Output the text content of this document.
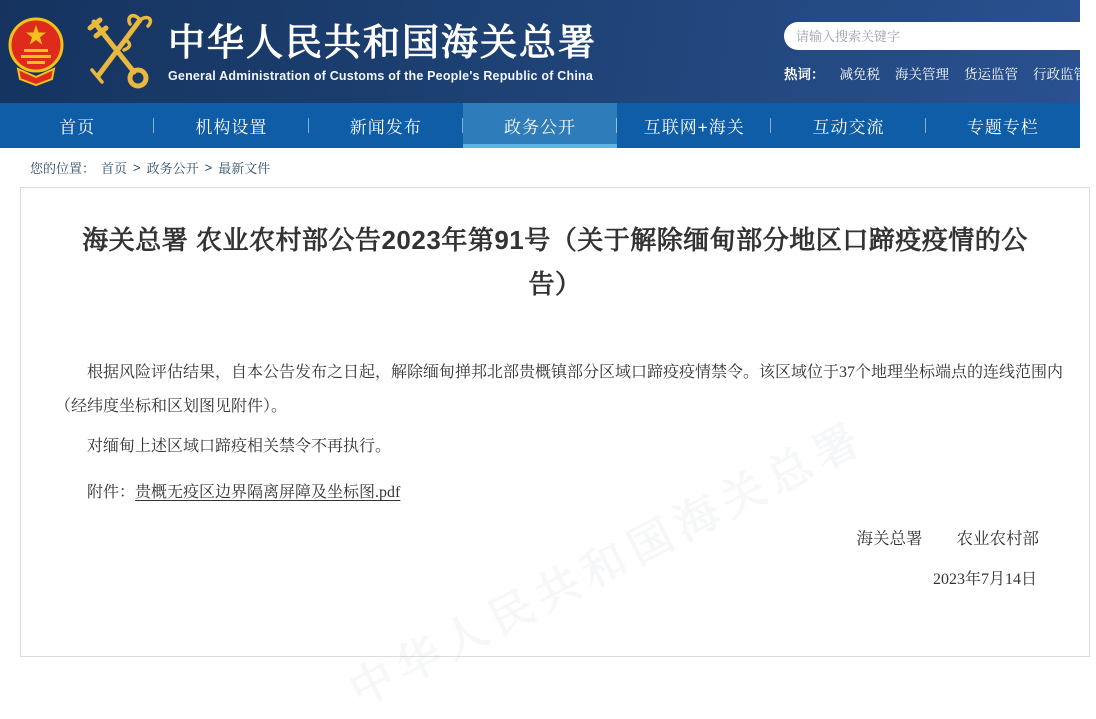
中华人民共和国海关总署
General Administration of Customs of the People's Republic of China
请输入搜索关键字	热词： 减免税 海关管理 货运监管 行政监管
首页	机构设置	新闻发布	政务公开	互联网+海关	互动交流	专题专栏
您的位置： 首页 > 政务公开 > 最新文件
中华人民共和国海关总署
海关总署 农业农村部公告2023年第91号（关于解除缅甸部分地区口蹄疫疫情的公告）

根据风险评估结果，自本公告发布之日起，解除缅甸掸邦北部贵概镇部分区域口蹄疫疫情禁令。该区域位于37个地理坐标端点的连线范围内（经纬度坐标和区划图见附件）。

对缅甸上述区域口蹄疫相关禁令不再执行。

附件：贵概无疫区边界隔离屏障及坐标图.pdf
海关总署 农业农村部
2023年7月14日
